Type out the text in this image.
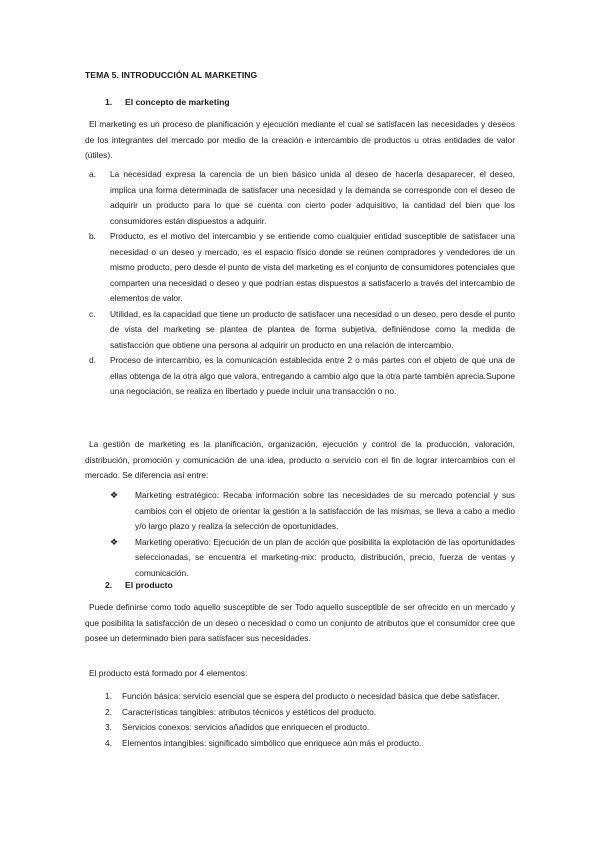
TEMA 5. INTRODUCCIÓN AL MARKETING
1. El concepto de marketing
El marketing es un proceso de planificación y ejecución mediante el cual se satisfacen las necesidades y deseos de los integrantes del mercado por medio de la creación e intercambio de productos u otras entidades de valor (útiles).
a. La necesidad expresa la carencia de un bien básico unida al deseo de hacerla desaparecer, el deseo, implica una forma determinada de satisfacer una necesidad y la demanda se corresponde con el deseo de adquirir un producto para lo que se cuenta con cierto poder adquisitivo, la cantidad del bien que los consumidores están dispuestos a adquirir.
b. Producto, es el motivo del intercambio y se entiende como cualquier entidad susceptible de satisfacer una necesidad o un deseo y mercado, es el espacio físico donde se reúnen compradores y vendedores de un mismo producto, pero desde el punto de vista del marketing es el conjunto de consumidores potenciales que comparten una necesidad o deseo y que podrían estas dispuestos a satisfacerlo a través del intercambio de elementos de valor.
c. Utilidad, es la capacidad que tiene un producto de satisfacer una necesidad o un deseo, pero desde el punto de vista del marketing se plantea de plantea de forma subjetiva, definiéndose como la medida de satisfacción que obtiene una persona al adquirir un producto en una relación de intercambio.
d. Proceso de intercambio, es la comunicación establecida entre 2 o más partes con el objeto de que una de ellas obtenga de la otra algo que valora, entregando a cambio algo que la otra parte también aprecia.Supone una negociación, se realiza en libertado y puede incluir una transacción o no.
La gestión de marketing es la planificación, organización, ejecución y control de la producción, valoración, distribución, promoción y comunicación de una idea, producto o servicio con el fin de lograr intercambios con el mercado. Se diferencia así entre:
❖ Marketing estratégico: Recaba información sobre las necesidades de su mercado potencial y sus cambios con el objeto de orientar la gestión a la satisfacción de las mismas, se lleva a cabo a medio y/o largo plazo y realiza la selección de oportunidades.
❖ Marketing operativo: Ejecución de un plan de acción que posibilita la explotación de las oportunidades seleccionadas, se encuentra el marketing-mix: producto, distribución, precio, fuerza de ventas y comunicación.
2. El producto
Puede definirse como todo aquello susceptible de ser Todo aquello susceptible de ser ofrecido en un mercado y que posibilita la satisfacción de un deseo o necesidad o como un conjunto de atributos que el consumidor cree que posee un determinado bien para satisfacer sus necesidades.
El producto está formado por 4 elementos:
1. Función básica: servicio esencial que se espera del producto o necesidad básica que debe satisfacer.
2. Características tangibles: atributos técnicos y estéticos del producto.
3. Servicios conexos: servicios añadidos que enriquecen el producto.
4. Elementos intangibles: significado simbólico que enriquece aún más el producto.
